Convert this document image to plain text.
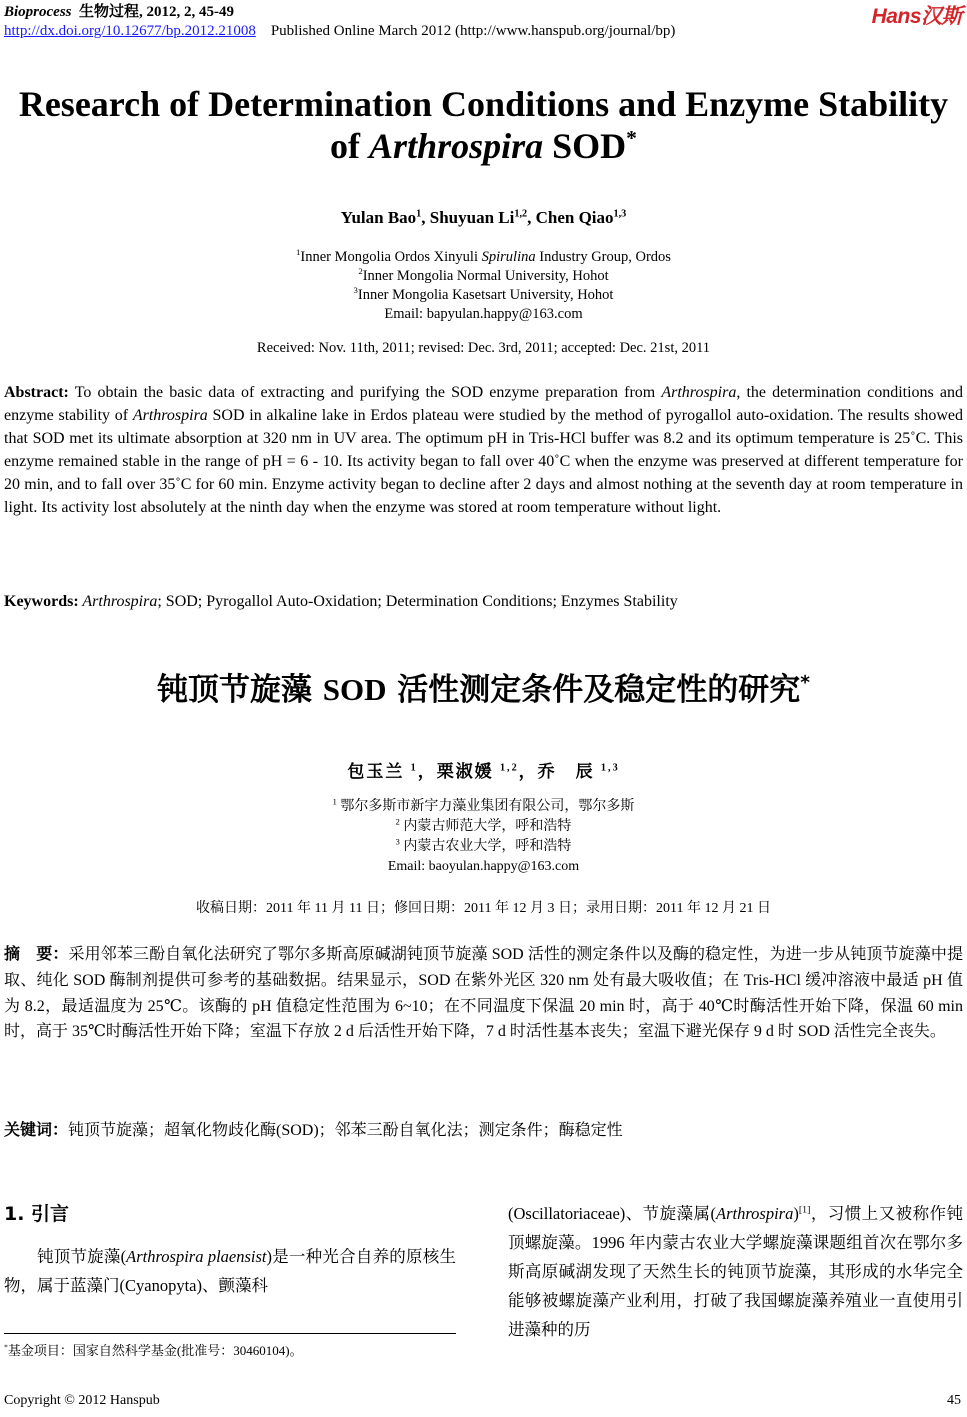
Bioprocess 生物过程, 2012, 2, 45-49
http://dx.doi.org/10.12677/bp.2012.21008 Published Online March 2012 (http://www.hanspub.org/journal/bp)
Hans汉斯
Research of Determination Conditions and Enzyme Stability
of Arthrospira SOD*
Yulan Bao$^1$, Shuyuan Li$^{1,2}$, Chen Qiao$^{1,3}$
$^1$Inner Mongolia Ordos Xinyuli Spirulina Industry Group, Ordos
$^2$Inner Mongolia Normal University, Hohot
$^3$Inner Mongolia Kasetsart University, Hohot
Email: bapyulan.happy@163.com
Received: Nov. 11th, 2011; revised: Dec. 3rd, 2011; accepted: Dec. 21st, 2011
Abstract: To obtain the basic data of extracting and purifying the SOD enzyme preparation from Arthrospira, the determination conditions and enzyme stability of Arthrospira SOD in alkaline lake in Erdos plateau were studied by the method of pyrogallol auto-oxidation. The results showed that SOD met its ultimate absorption at 320 nm in UV area. The optimum pH in Tris-HCl buffer was 8.2 and its optimum temperature is 25˚C. This enzyme remained stable in the range of pH = 6 - 10. Its activity began to fall over 40˚C when the enzyme was preserved at different temperature for 20 min, and to fall over 35˚C for 60 min. Enzyme activity began to decline after 2 days and almost nothing at the seventh day at room temperature in light. Its activity lost absolutely at the ninth day when the enzyme was stored at room temperature without light.
Keywords: Arthrospira; SOD; Pyrogallol Auto-Oxidation; Determination Conditions; Enzymes Stability
钝顶节旋藻 SOD 活性测定条件及稳定性的研究*
包玉兰 $^1$，栗淑媛 $^{1,2}$，乔　辰 $^{1,3}$
$^1$ 鄂尔多斯市新宇力藻业集团有限公司，鄂尔多斯
$^2$ 内蒙古师范大学，呼和浩特
$^3$ 内蒙古农业大学，呼和浩特
Email: baoyulan.happy@163.com
收稿日期：2011 年 11 月 11 日；修回日期：2011 年 12 月 3 日；录用日期：2011 年 12 月 21 日
摘　要：采用邻苯三酚自氧化法研究了鄂尔多斯高原碱湖钝顶节旋藻 SOD 活性的测定条件以及酶的稳定性，为进一步从钝顶节旋藻中提取、纯化 SOD 酶制剂提供可参考的基础数据。结果显示，SOD 在紫外光区 320 nm 处有最大吸收值；在 Tris-HCl 缓冲溶液中最适 pH 值为 8.2，最适温度为 25℃。该酶的 pH 值稳定性范围为 6~10；在不同温度下保温 20 min 时，高于 40℃时酶活性开始下降，保温 60 min 时，高于 35℃时酶活性开始下降；室温下存放 2 d 后活性开始下降，7 d 时活性基本丧失；室温下避光保存 9 d 时 SOD 活性完全丧失。
关键词：钝顶节旋藻；超氧化物歧化酶(SOD)；邻苯三酚自氧化法；测定条件；酶稳定性
1. 引言
钝顶节旋藻(Arthrospira plaensist)是一种光合自养的原核生物，属于蓝藻门(Cyanopyta)、颤藻科
(Oscillatoriaceae)、节旋藻属(Arthrospira)[1]，习惯上又被称作钝顶螺旋藻。1996 年内蒙古农业大学螺旋藻课题组首次在鄂尔多斯高原碱湖发现了天然生长的钝顶节旋藻，其形成的水华完全能够被螺旋藻产业利用，打破了我国螺旋藻养殖业一直使用引进藻种的历
*基金项目：国家自然科学基金(批准号：30460104)。
Copyright © 2012 Hanspub	45
